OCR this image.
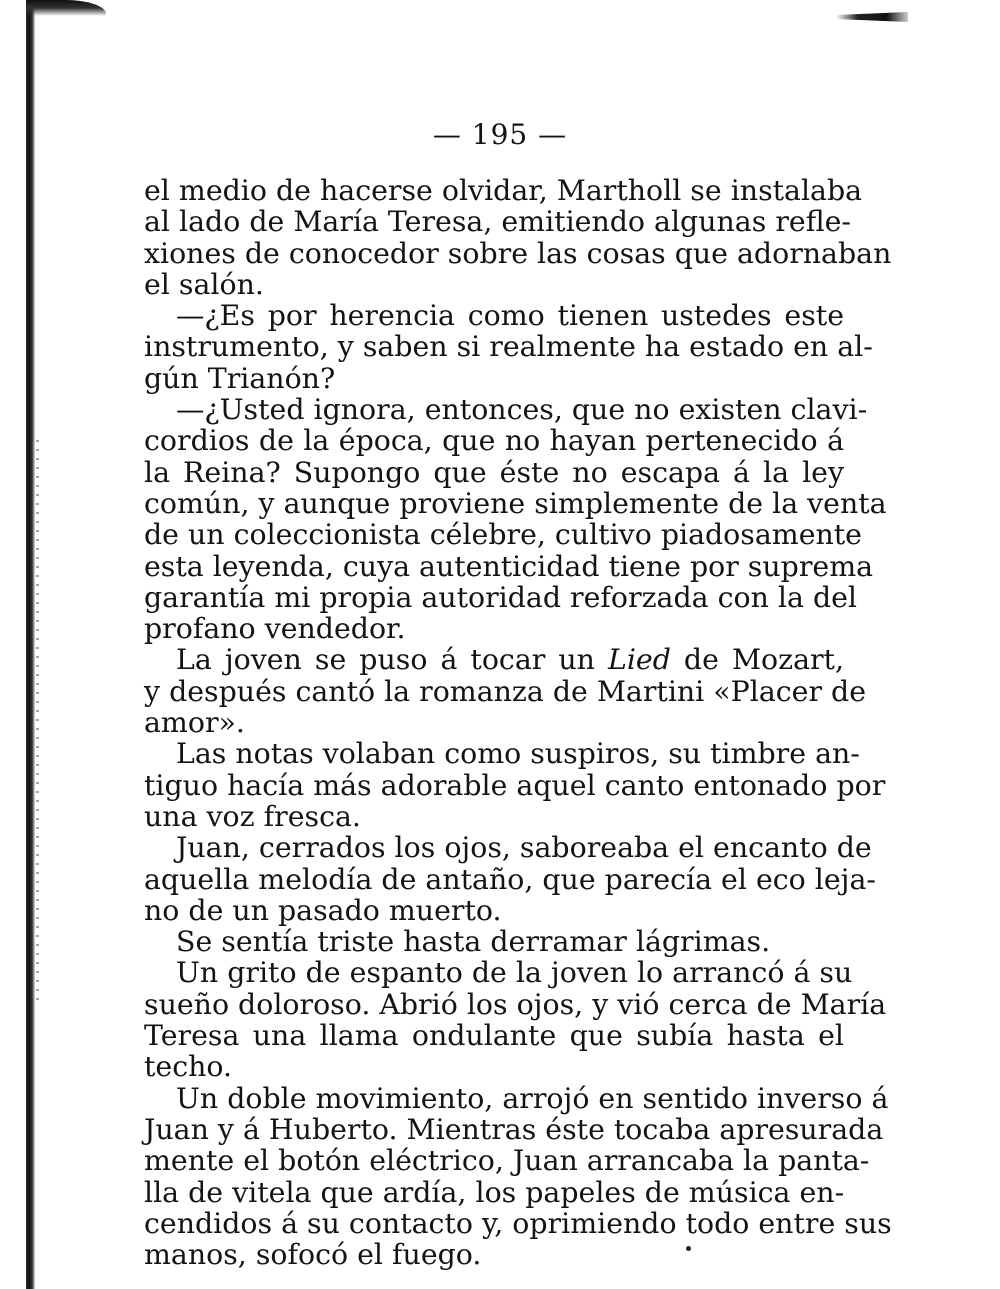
— 195 —
el medio de hacerse olvidar, Martholl se instalaba
al lado de María Teresa, emitiendo algunas refle-
xiones de conocedor sobre las cosas que adornaban
el salón.
—¿Es por herencia como tienen ustedes este
instrumento, y saben si realmente ha estado en al-
gún Trianón?
—¿Usted ignora, entonces, que no existen clavi-
cordios de la época, que no hayan pertenecido á
la Reina? Supongo que éste no escapa á la ley
común, y aunque proviene simplemente de la venta
de un coleccionista célebre, cultivo piadosamente
esta leyenda, cuya autenticidad tiene por suprema
garantía mi propia autoridad reforzada con la del
profano vendedor.
La joven se puso á tocar un Lied de Mozart,
y después cantó la romanza de Martini «Placer de
amor».
Las notas volaban como suspiros, su timbre an-
tiguo hacía más adorable aquel canto entonado por
una voz fresca.
Juan, cerrados los ojos, saboreaba el encanto de
aquella melodía de antaño, que parecía el eco leja-
no de un pasado muerto.
Se sentía triste hasta derramar lágrimas.
Un grito de espanto de la joven lo arrancó á su
sueño doloroso. Abrió los ojos, y vió cerca de María
Teresa una llama ondulante que subía hasta el
techo.
Un doble movimiento, arrojó en sentido inverso á
Juan y á Huberto. Mientras éste tocaba apresurada
mente el botón eléctrico, Juan arrancaba la panta-
lla de vitela que ardía, los papeles de música en-
cendidos á su contacto y, oprimiendo todo entre sus
manos, sofocó el fuego.
